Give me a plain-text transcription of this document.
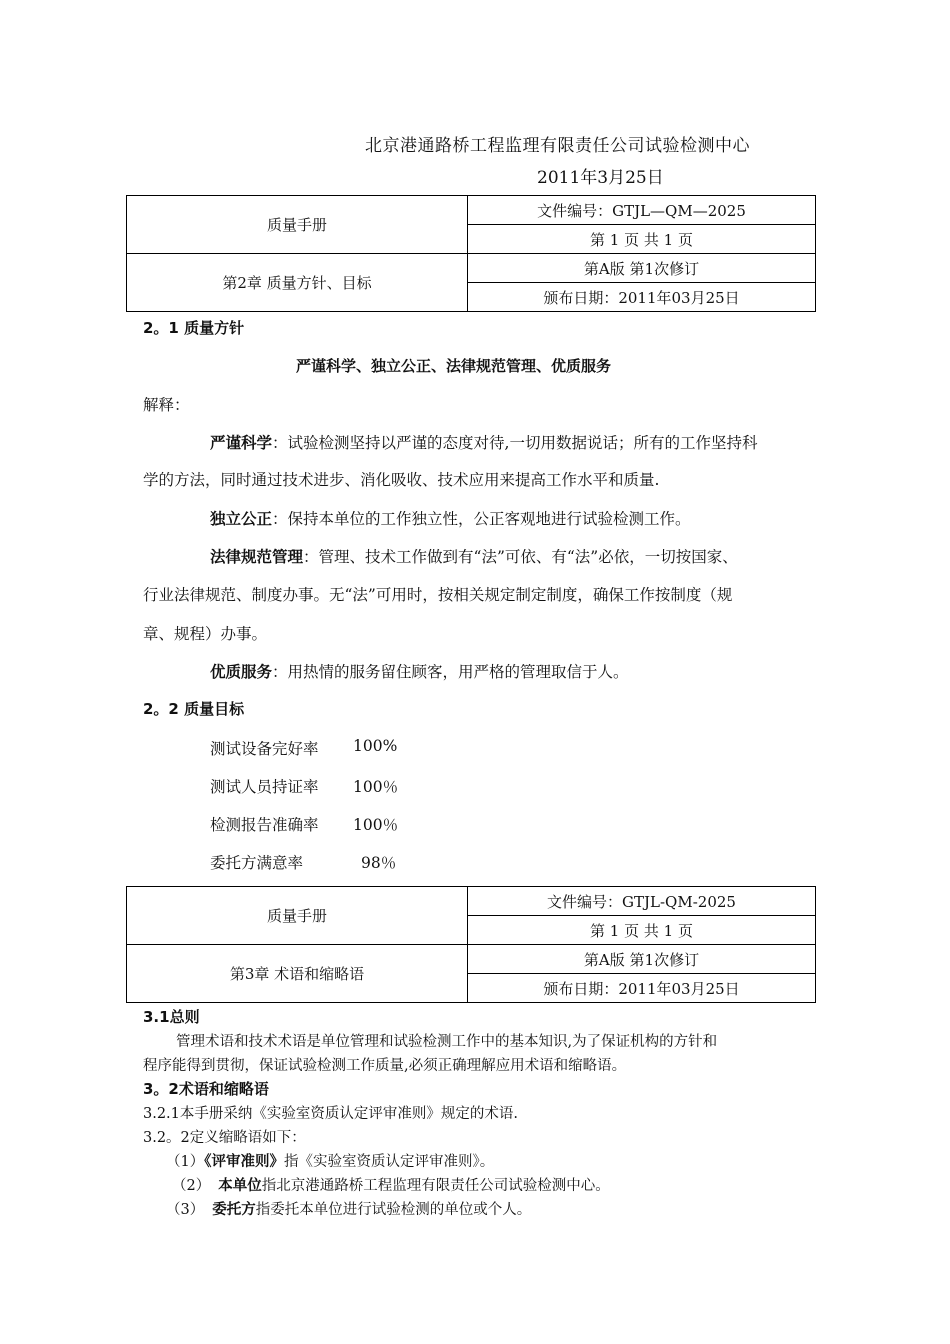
北京港通路桥工程监理有限责任公司试验检测中心
2011年3月25日
质量手册	文件编号：GTJL—QM—2025
	第 1 页 共 1 页
第2章 质量方针、目标	第A版 第1次修订
	颁布日期：2011年03月25日
2。1 质量方针
严谨科学、独立公正、法律规范管理、优质服务
解释：
严谨科学：试验检测坚持以严谨的态度对待,一切用数据说话；所有的工作坚持科
学的方法，同时通过技术进步、消化吸收、技术应用来提高工作水平和质量.
独立公正：保持本单位的工作独立性，公正客观地进行试验检测工作。
法律规范管理：管理、技术工作做到有“法”可依、有“法”必依，一切按国家、
行业法律规范、制度办事。无“法”可用时，按相关规定制定制度，确保工作按制度（规
章、规程）办事。
优质服务：用热情的服务留住顾客，用严格的管理取信于人。
2。2 质量目标
测试设备完好率 100%
测试人员持证率 100％
检测报告准确率 100％
委托方满意率	98％
质量手册	文件编号：GTJL-QM-2025
	第 1 页 共 1 页
第3章 术语和缩略语	第A版 第1次修订
	颁布日期：2011年03月25日
3.1总则
管理术语和技术术语是单位管理和试验检测工作中的基本知识,为了保证机构的方针和
程序能得到贯彻，保证试验检测工作质量,必须正确理解应用术语和缩略语。
3。2术语和缩略语
3.2.1本手册采纳《实验室资质认定评审准则》规定的术语.
3.2。2定义缩略语如下：
（1）《评审准则》指《实验室资质认定评审准则》。
（2） 本单位指北京港通路桥工程监理有限责任公司试验检测中心。
（3） 委托方指委托本单位进行试验检测的单位或个人。
